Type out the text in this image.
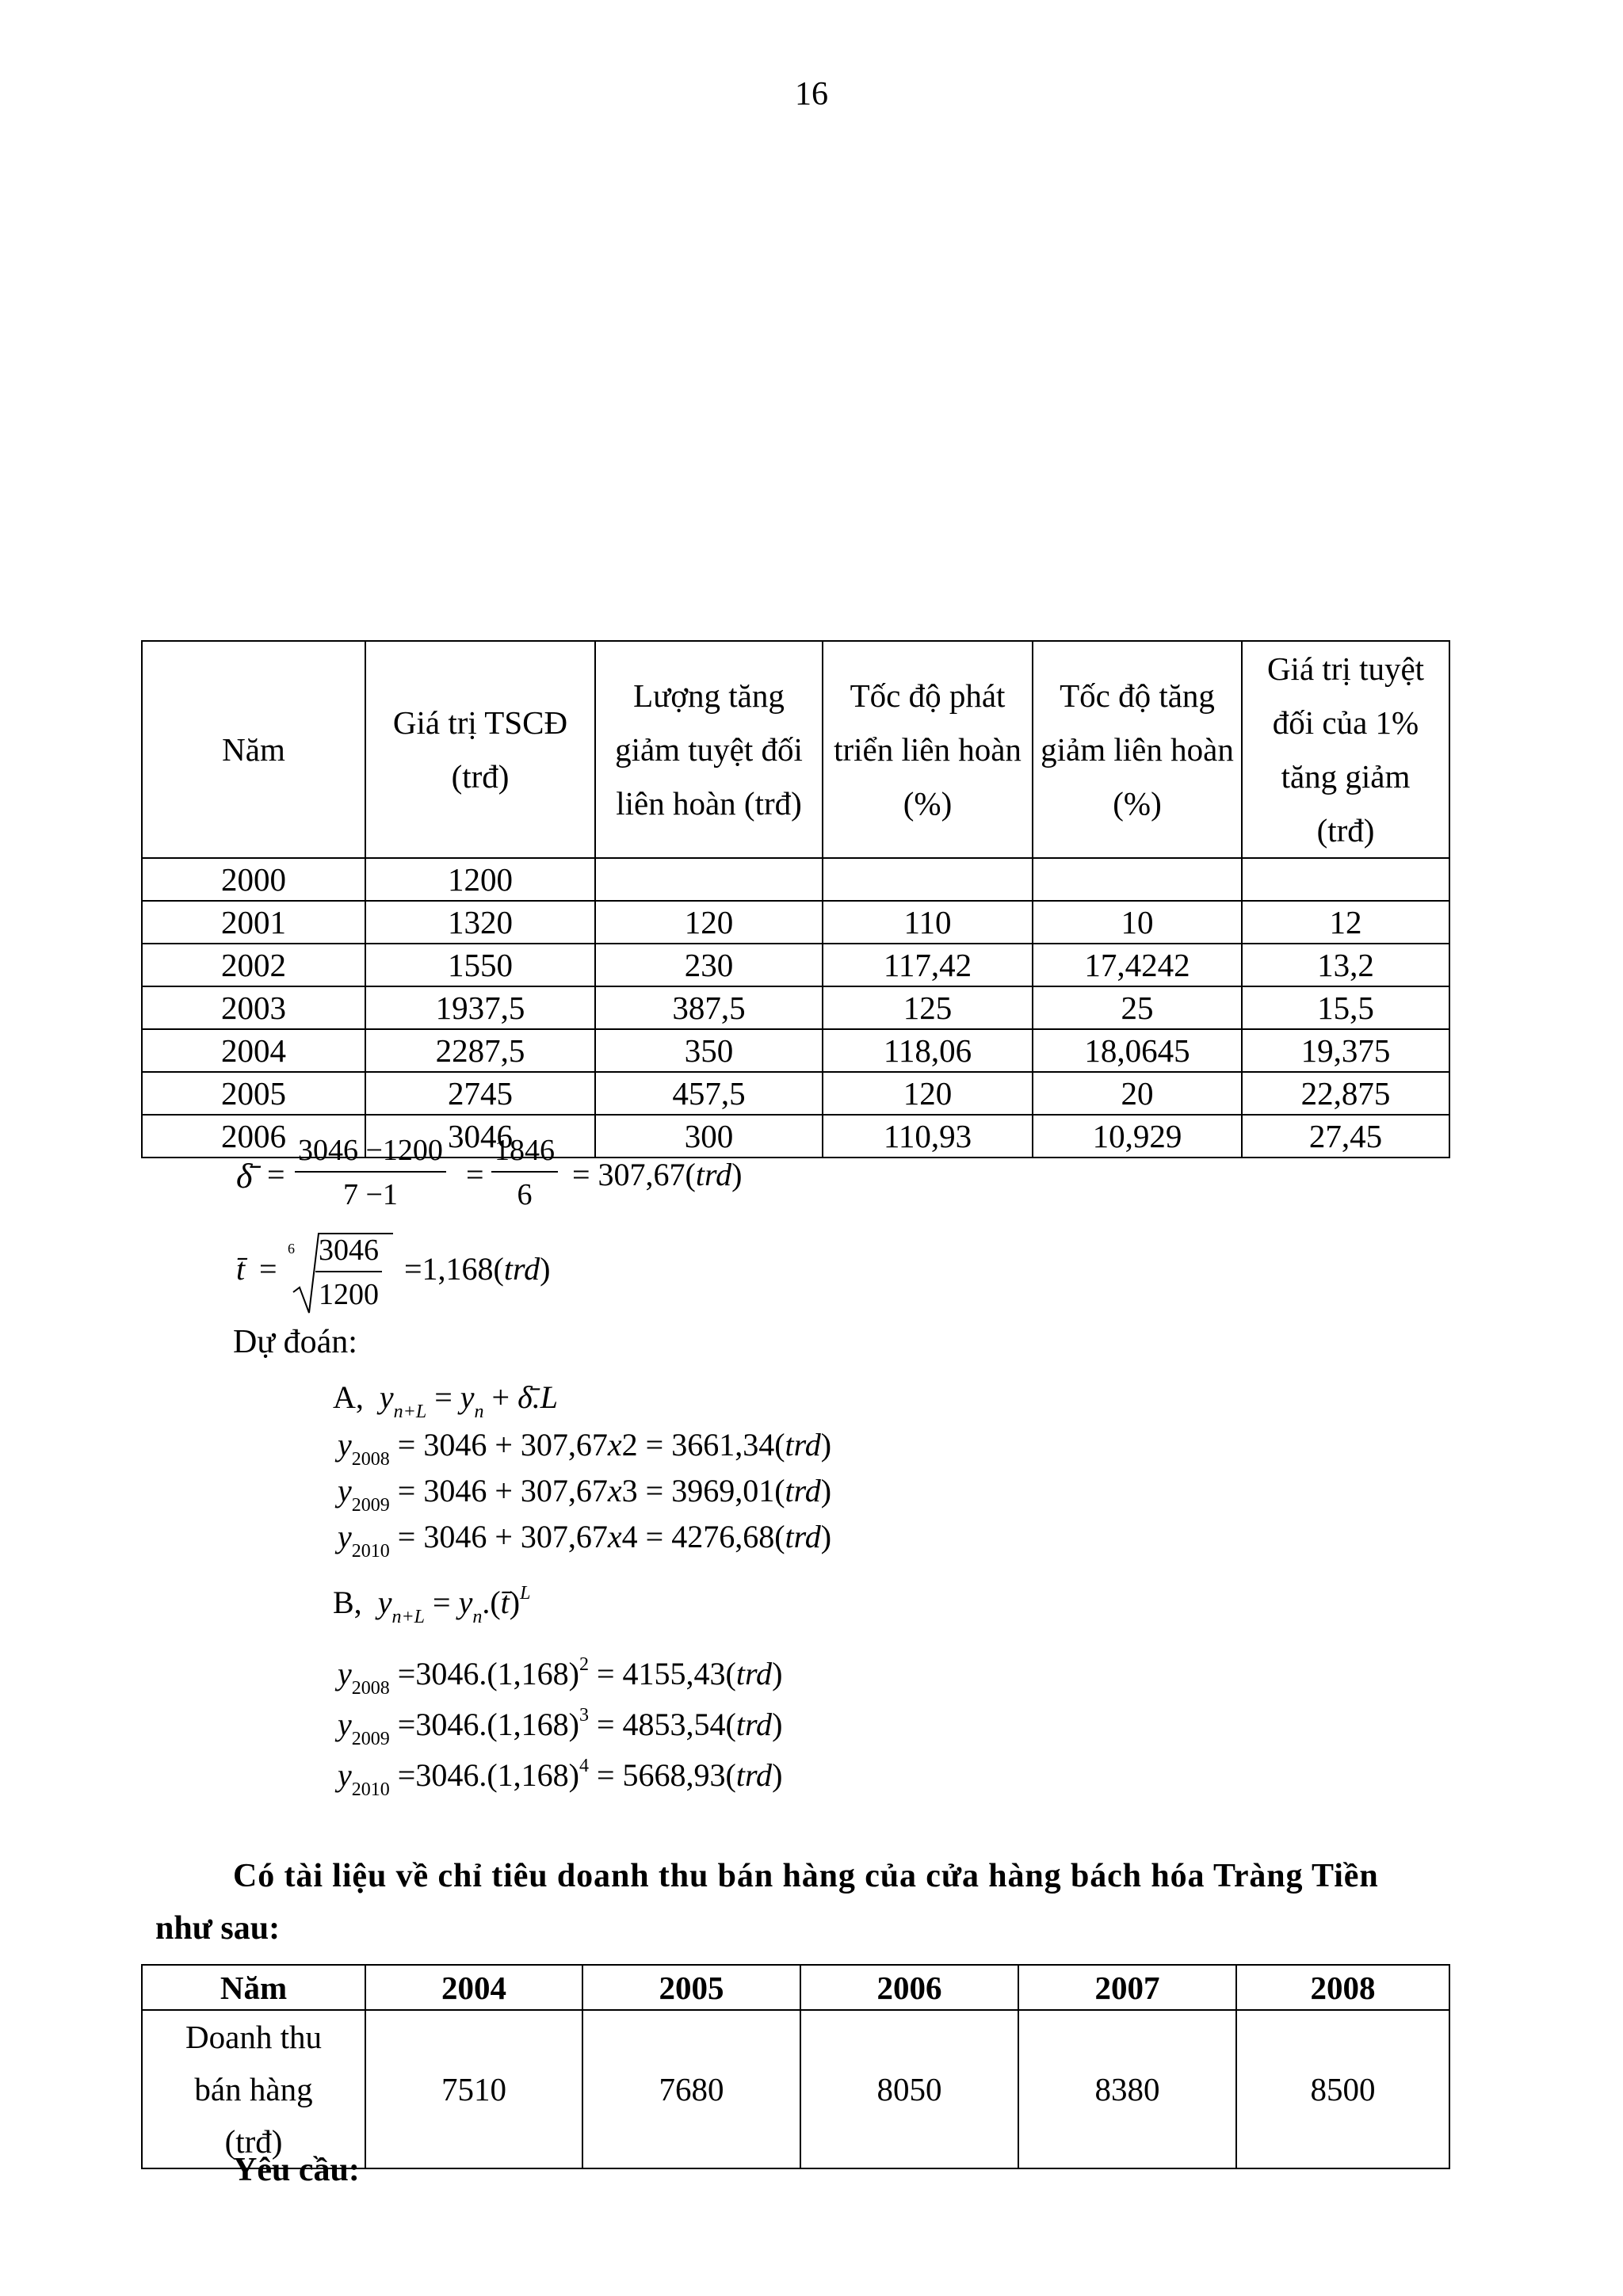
16
Năm	Giá trị TSCĐ (trđ)	Lượng tăng giảm tuyệt đối liên hoàn (trđ)	Tốc độ phát triển liên hoàn (%)	Tốc độ tăng giảm liên hoàn (%)	Giá trị tuyệt đối của 1% tăng giảm (trđ)
2000	1200				
2001	1320	120	110	10	12
2002	1550	230	117,42	17,4242	13,2
2003	1937,5	387,5	125	25	15,5
2004	2287,5	350	118,06	18,0645	19,375
2005	2745	457,5	120	20	22,875
2006	3046	300	110,93	10,929	27,45
δ̄ = $\frac{3046 -1200}{7 -1} = \frac{1846}{6} = 307,67(trd)$
t̄ =
$6 \frac{3046}{1200} =1,168(trd)$
Dự đoán:
A, $y_{n+L} = y_n$ + δ̄.L
$y_{2008} = 3046 + 307,67x2 = 3661,34(trd)$
$y_{2009} = 3046 + 307,67x3 = 3969,01(trd)$
$y_{2010} = 3046 + 307,67x4 = 4276,68(trd)$
B, $y_{n+L}$ = $y_n.(t̄)^L$
$y_{2008} =3046.(1,168)^2 = 4155,43(trd)$
$y_{2009} =3046.(1,168)^3 = 4853,54(trd)$
$y_{2010} =3046.(1,168)^4 = 5668,93(trd)$
Có tài liệu về chỉ tiêu doanh thu bán hàng của cửa hàng bách hóa Tràng Tiền
như sau:
Năm	2004	2005	2006	2007	2008
Doanh thu bán hàng (trđ)	7510	7680	8050	8380	8500
Yêu cầu:
